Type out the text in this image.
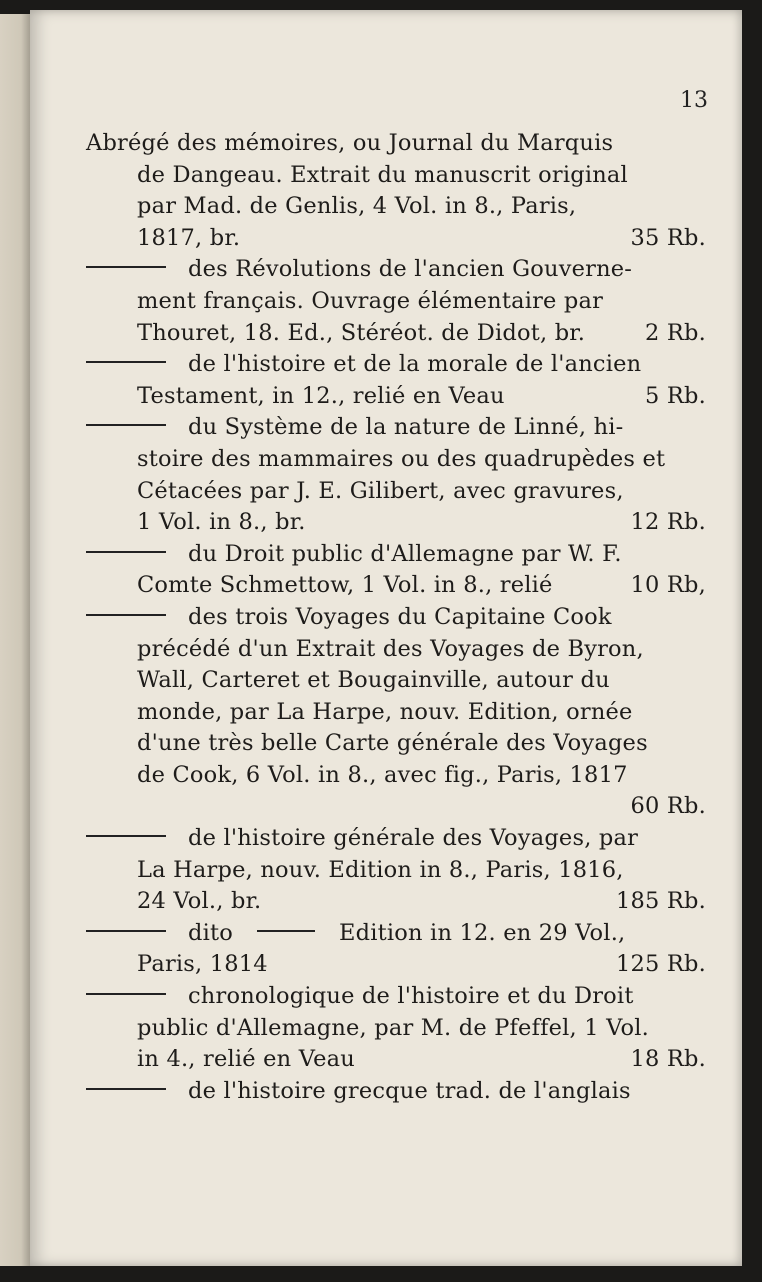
13
Abrégé des mémoires, ou Journal du Marquis
de Dangeau. Extrait du manuscrit original
par Mad. de Genlis, 4 Vol. in 8., Paris,
1817, br.	35 Rb.
des Révolutions de l'ancien Gouverne-
ment français. Ouvrage élémentaire par
Thouret, 18. Ed., Stéréot. de Didot, br.	2 Rb.
de l'histoire et de la morale de l'ancien
Testament, in 12., relié en Veau	5 Rb.
du Système de la nature de Linné, hi-
stoire des mammaires ou des quadrupèdes et
Cétacées par J. E. Gilibert, avec gravures,
1 Vol. in 8., br.	12 Rb.
du Droit public d'Allemagne par W. F.
Comte Schmettow, 1 Vol. in 8., relié	10 Rb,
des trois Voyages du Capitaine Cook
précédé d'un Extrait des Voyages de Byron,
Wall, Carteret et Bougainville, autour du
monde, par La Harpe, nouv. Edition, ornée
d'une très belle Carte générale des Voyages
de Cook, 6 Vol. in 8., avec fig., Paris, 1817
60 Rb.
de l'histoire générale des Voyages, par
La Harpe, nouv. Edition in 8., Paris, 1816,
24 Vol., br.	185 Rb.
dito	Edition in 12. en 29 Vol.,
Paris, 1814	125 Rb.
chronologique de l'histoire et du Droit
public d'Allemagne, par M. de Pfeffel, 1 Vol.
in 4., relié en Veau	18 Rb.
de l'histoire grecque trad. de l'anglais
